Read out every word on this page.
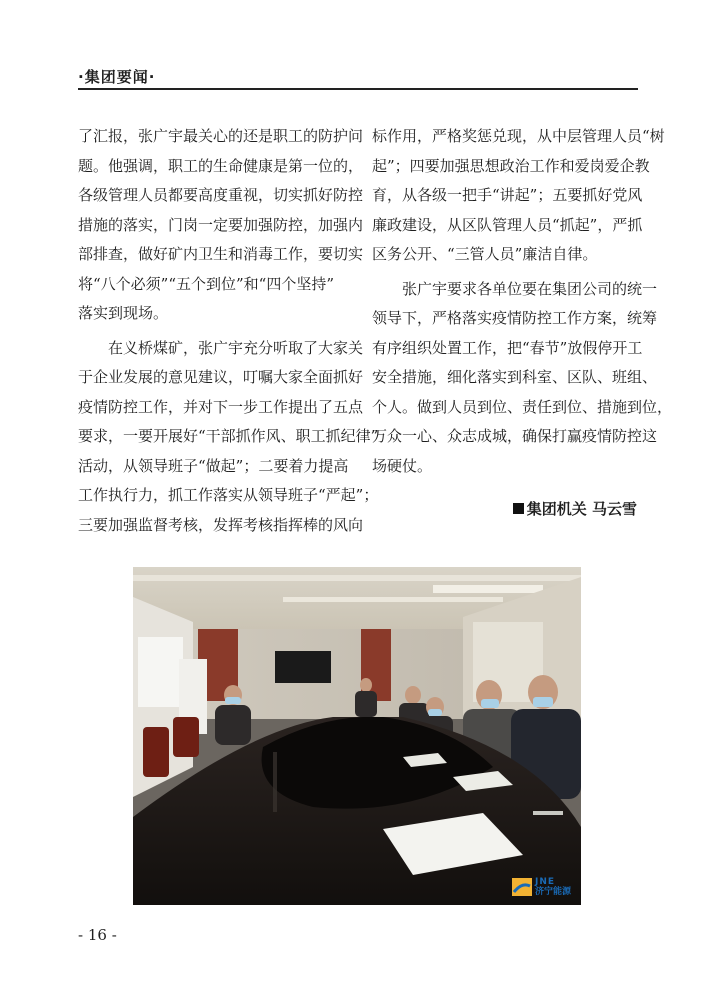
·集团要闻·

了汇报，张广宇最关心的还是职工的防护问
题。他强调，职工的生命健康是第一位的，
各级管理人员都要高度重视，切实抓好防控
措施的落实，门岗一定要加强防控，加强内
部排查，做好矿内卫生和消毒工作，要切实
将“八个必须”“五个到位”和“四个坚持”
落实到现场。

　　在义桥煤矿，张广宇充分听取了大家关
于企业发展的意见建议，叮嘱大家全面抓好
疫情防控工作，并对下一步工作提出了五点
要求，一要开展好“干部抓作风、职工抓纪律”
活动，从领导班子“做起”；二要着力提高
工作执行力，抓工作落实从领导班子“严起”；
三要加强监督考核，发挥考核指挥棒的风向

标作用，严格奖惩兑现，从中层管理人员“树
起”；四要加强思想政治工作和爱岗爱企教
育，从各级一把手“讲起”；五要抓好党风
廉政建设，从区队管理人员“抓起”，严抓
区务公开、“三管人员”廉洁自律。

　　张广宇要求各单位要在集团公司的统一
领导下，严格落实疫情防控工作方案，统筹
有序组织处置工作，把“春节”放假停开工
安全措施，细化落实到科室、区队、班组、
个人。做到人员到位、责任到位、措施到位，
万众一心、众志成城，确保打赢疫情防控这
场硬仗。

集团机关 马云雪
JNE
济宁能源
- 16 -
